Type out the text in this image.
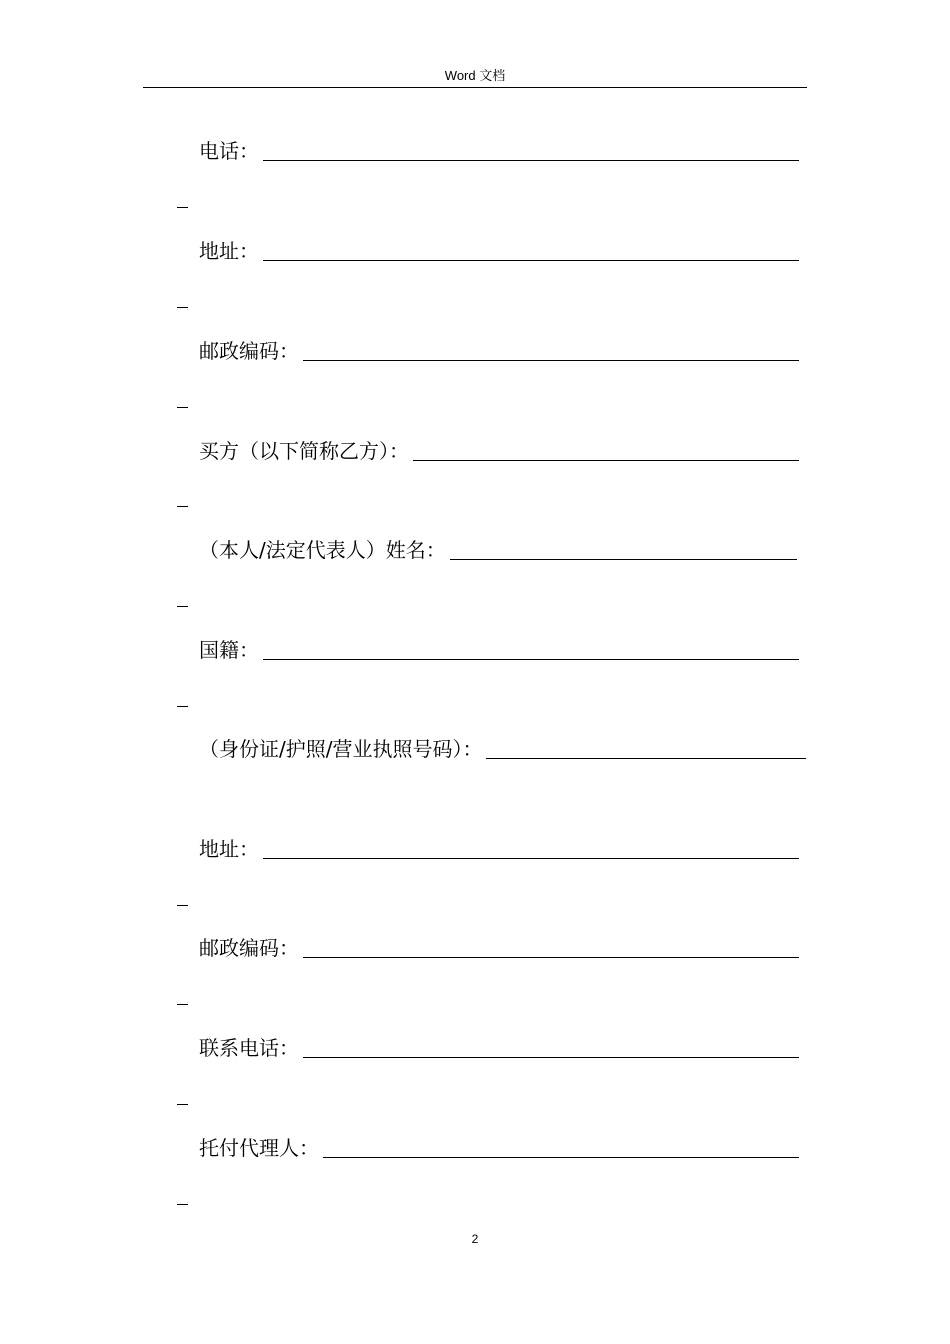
Word 文档
电话：
地址：
邮政编码：
买方（以下简称乙方）：
（本人/法定代表人）姓名：
国籍：
（身份证/护照/营业执照号码）：
地址：
邮政编码：
联系电话：
托付代理人：
2
